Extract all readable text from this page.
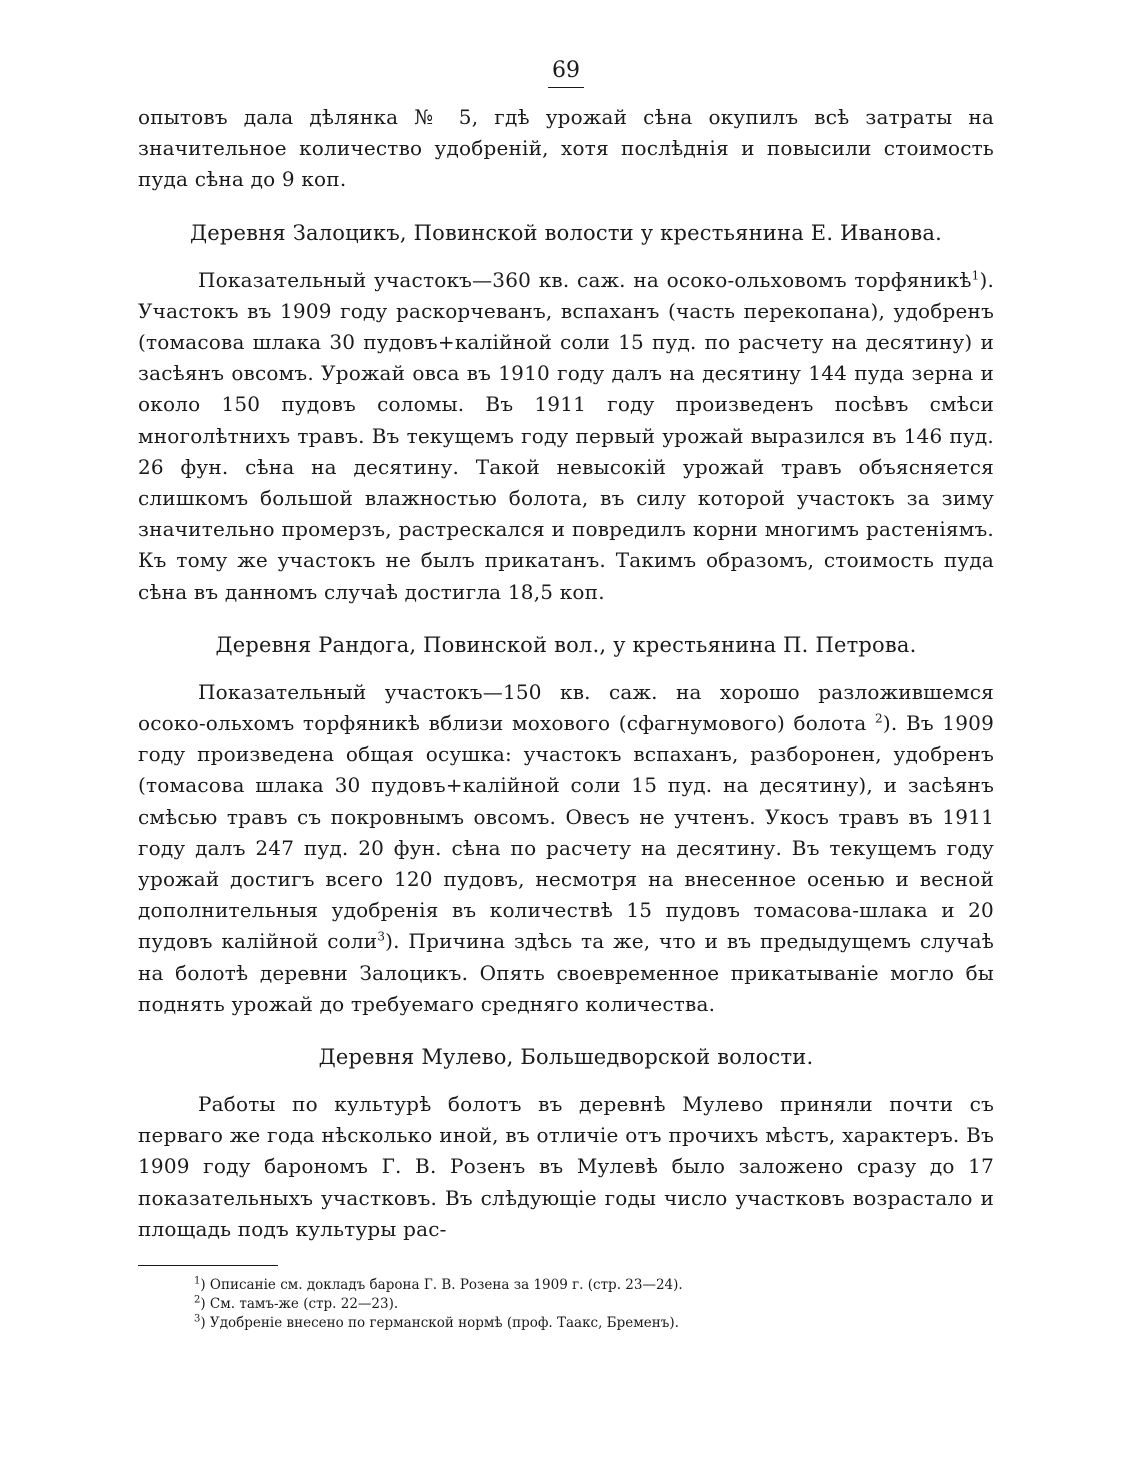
69

опытовъ дала дѣлянка № 5, гдѣ урожай сѣна окупилъ всѣ затраты на значительное количество удобреній, хотя послѣднія и повысили стоимость пуда сѣна до 9 коп.

Деревня Залоцикъ, Повинской волости у крестьянина Е. Иванова.

Показательный участокъ—360 кв. саж. на осоко-ольховомъ торфяникѣ$^1$). Участокъ въ 1909 году раскорчеванъ, вспаханъ (часть перекопана), удобренъ (томасова шлака 30 пудовъ+калійной соли 15 пуд. по расчету на десятину) и засѣянъ овсомъ. Урожай овса въ 1910 году далъ на десятину 144 пуда зерна и около 150 пудовъ соломы. Въ 1911 году произведенъ посѣвъ смѣси многолѣтнихъ травъ. Въ текущемъ году первый урожай выразился въ 146 пуд. 26 фун. сѣна на десятину. Такой невысокій урожай травъ объясняется слишкомъ большой влажностью болота, въ силу которой участокъ за зиму значительно промерзъ, растрескался и повредилъ корни многимъ растеніямъ. Къ тому же участокъ не былъ прикатанъ. Такимъ образомъ, стоимость пуда сѣна въ данномъ случаѣ достигла 18,5 коп.

Деревня Рандога, Повинской вол., у крестьянина П. Петрова.

Показательный участокъ—150 кв. саж. на хорошо разложившемся осоко-ольхомъ торфяникѣ вблизи мохового (сфагнумового) болота $^2$). Въ 1909 году произведена общая осушка: участокъ вспаханъ, разборонен, удобренъ (томасова шлака 30 пудовъ+калійной соли 15 пуд. на десятину), и засѣянъ смѣсью травъ съ покровнымъ овсомъ. Овесъ не учтенъ. Укосъ травъ въ 1911 году далъ 247 пуд. 20 фун. сѣна по расчету на десятину. Въ текущемъ году урожай достигъ всего 120 пудовъ, несмотря на внесенное осенью и весной дополнительныя удобренія въ количествѣ 15 пудовъ томасова-шлака и 20 пудовъ калійной соли$^3$). Причина здѣсь та же, что и въ предыдущемъ случаѣ на болотѣ деревни Залоцикъ. Опять своевременное прикатываніе могло бы поднять урожай до требуемаго средняго количества.

Деревня Мулево, Большедворской волости.

Работы по культурѣ болотъ въ деревнѣ Мулево приняли почти съ перваго же года нѣсколько иной, въ отличіе отъ прочихъ мѣстъ, характеръ. Въ 1909 году барономъ Г. В. Розенъ въ Мулевѣ было заложено сразу до 17 показательныхъ участковъ. Въ слѣдующіе годы число участковъ возрастало и площадь подъ культуры рас-

$^1$) Описаніе см. докладъ барона Г. В. Розена за 1909 г. (стр. 23—24).
$^2$) См. тамъ-же (стр. 22—23).
$^3$) Удобреніе внесено по германской нормѣ (проф. Таакс, Бременъ).
